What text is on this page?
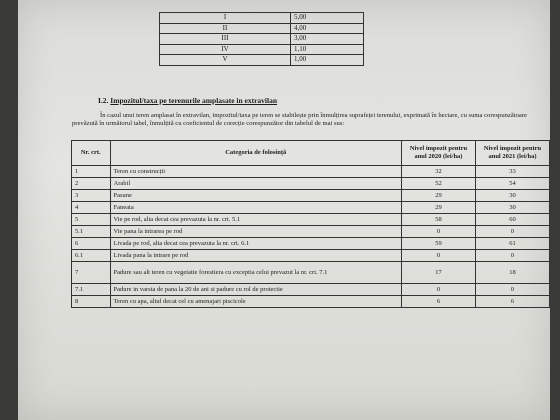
I	5,00
II	4,00
III	3,00
IV	1,10
V	1,00
I.2. Impozitul/taxa pe terenurile amplasate in extravilan
În cazul unui teren amplasat în extravilan, impozitul/taxa pe teren se stabilește prin înmulțirea suprafeței terenului, exprimată în hectare, cu suma corespunzătoare prevăzută în următorul tabel, înmulțită cu coeficientul de corecție corespunzător din tabelul de mai sus:
Nr. crt.	Categoria de folosință	Nivel impozit pentru anul 2020 (lei/ha)	Nivel impozit pentru anul 2021 (lei/ha)
1	Teren cu construcții	32	33
2	Arabil	52	54
3	Pasune	29	30
4	Faneata	29	30
5	Vie pe rod, alta decat cea prevazuta la nr. crt. 5.1	58	60
5.1	Vie pana la intrarea pe rod	0	0
6	Livada pe rod, alta decat cea prevazuta la nr. crt. 6.1	59	61
6.1	Livada pana la intrare pe rod	0	0
7	Padure sau alt teren cu vegetatie forestiera cu exceptia celui prevazut la nr. crt. 7.1	17	18
7.1	Padure in varsta de pana la 20 de ani si padure cu rol de protectie	0	0
8	Teren cu apa, altul decat cel cu amenajari piscicole	6	6
